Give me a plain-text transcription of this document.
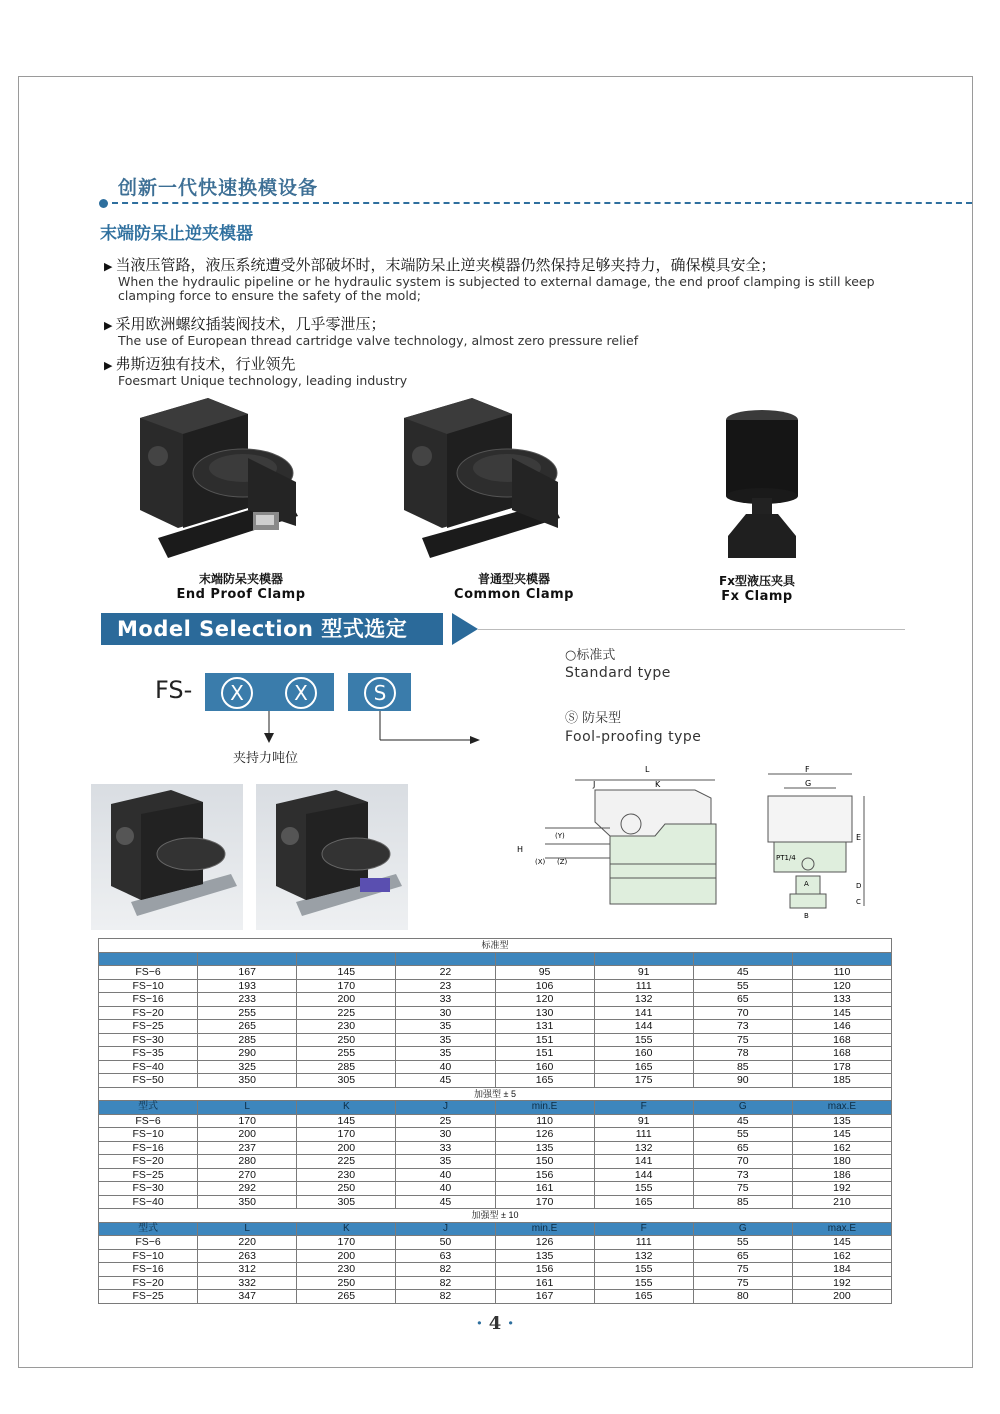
创新一代快速换模设备
末端防呆止逆夹模器
▶ 当液压管路，液压系统遭受外部破坏时，末端防呆止逆夹模器仍然保持足够夹持力，确保模具安全；
When the hydraulic pipeline or he hydraulic system is subjected to external damage, the end proof clamping is still keep clamping force to ensure the safety of the mold;
▶ 采用欧洲螺纹插装阀技术，几乎零泄压；
The use of European thread cartridge valve technology, almost zero pressure relief
▶ 弗斯迈独有技术，行业领先
Foesmart Unique technology, leading industry
末端防呆夹模器
End Proof Clamp
普通型夹模器
Common Clamp
Fx型液压夹具
Fx Clamp
Model Selection 型式选定
FS-	X	X	S
夹持力吨位
○标准式
Standard type
Ⓢ 防呆型
Fool-proofing type
L
J	K
H
(Y)
(X) (Z)
F
G
PT1/4
A
B
E
D
C
标准型							

FS−6	167	145	22	95	91	45	110
FS−10	193	170	23	106	111	55	120
FS−16	233	200	33	120	132	65	133
FS−20	255	225	30	130	141	70	145
FS−25	265	230	35	131	144	73	146
FS−30	285	250	35	151	155	75	168
FS−35	290	255	35	151	160	78	168
FS−40	325	285	40	160	165	85	178
FS−50	350	305	45	165	175	90	185
加强型 ± 5							
型式	L	K	J	min.E	F	G	max.E
FS−6	170	145	25	110	91	45	135
FS−10	200	170	30	126	111	55	145
FS−16	237	200	33	135	132	65	162
FS−20	280	225	35	150	141	70	180
FS−25	270	230	40	156	144	73	186
FS−30	292	250	40	161	155	75	192
FS−40	350	305	45	170	165	85	210
加强型 ± 10							
型式	L	K	J	min.E	F	G	max.E
FS−6	220	170	50	126	111	55	145
FS−10	263	200	63	135	132	65	162
FS−16	312	230	82	156	155	75	184
FS−20	332	250	82	161	155	75	192
FS−25	347	265	82	167	165	80	200
· 4 ·
